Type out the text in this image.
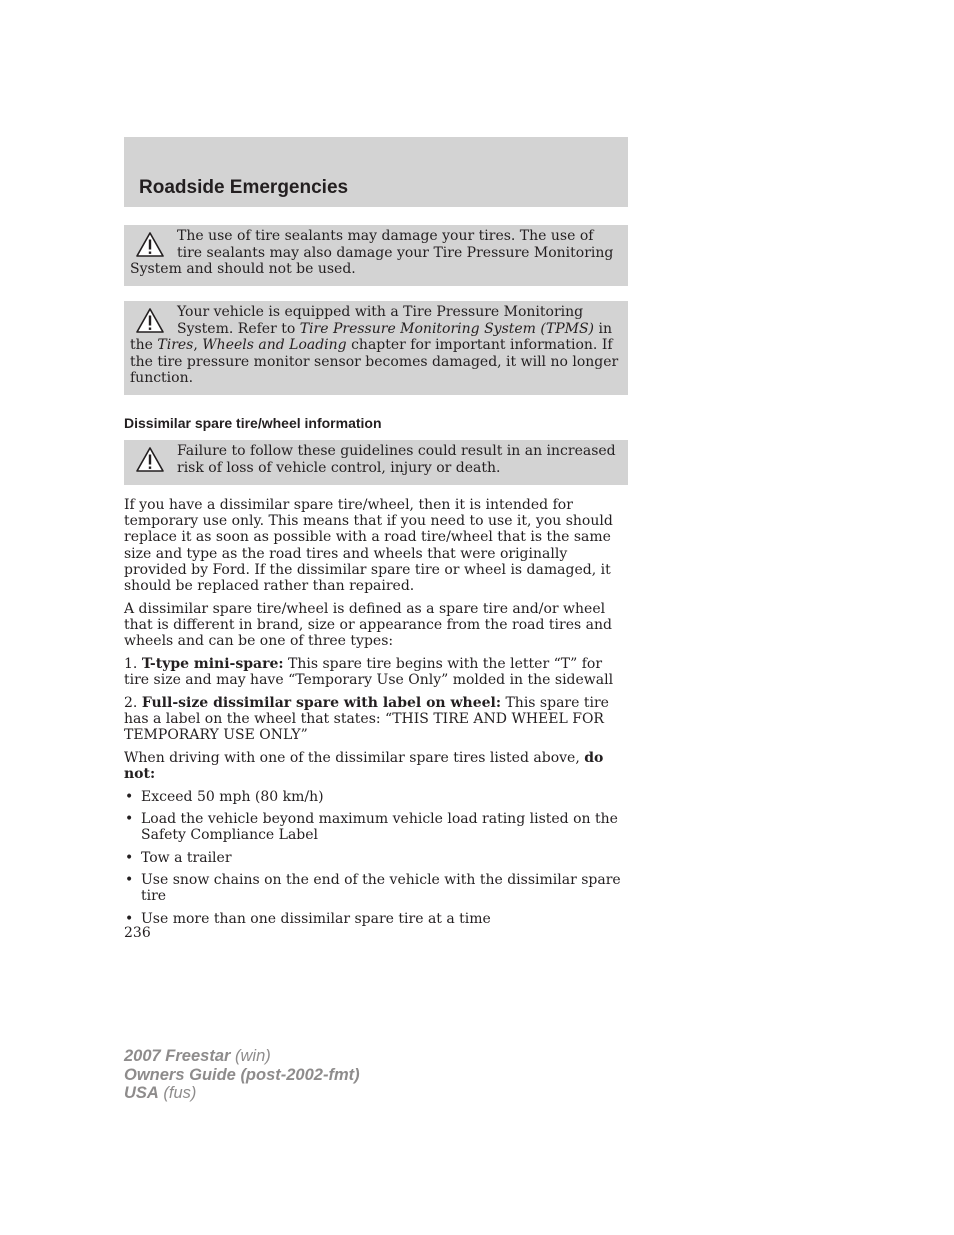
Roadside Emergencies

The use of tire sealants may damage your tires. The use of tire sealants may also damage your Tire Pressure Monitoring System and should not be used.

Your vehicle is equipped with a Tire Pressure Monitoring System. Refer to Tire Pressure Monitoring System (TPMS) in the Tires, Wheels and Loading chapter for important information. If the tire pressure monitor sensor becomes damaged, it will no longer function.

Dissimilar spare tire/wheel information

Failure to follow these guidelines could result in an increased risk of loss of vehicle control, injury or death.

If you have a dissimilar spare tire/wheel, then it is intended for temporary use only. This means that if you need to use it, you should replace it as soon as possible with a road tire/wheel that is the same size and type as the road tires and wheels that were originally provided by Ford. If the dissimilar spare tire or wheel is damaged, it should be replaced rather than repaired.

A dissimilar spare tire/wheel is defined as a spare tire and/or wheel that is different in brand, size or appearance from the road tires and wheels and can be one of three types:

1. T-type mini-spare: This spare tire begins with the letter “T” for tire size and may have “Temporary Use Only” molded in the sidewall

2. Full-size dissimilar spare with label on wheel: This spare tire has a label on the wheel that states: “THIS TIRE AND WHEEL FOR TEMPORARY USE ONLY”

When driving with one of the dissimilar spare tires listed above, do not:

• Exceed 50 mph (80 km/h)
• Load the vehicle beyond maximum vehicle load rating listed on the Safety Compliance Label
• Tow a trailer
• Use snow chains on the end of the vehicle with the dissimilar spare tire
• Use more than one dissimilar spare tire at a time
236
2007 Freestar (win)
Owners Guide (post-2002-fmt)
USA (fus)
